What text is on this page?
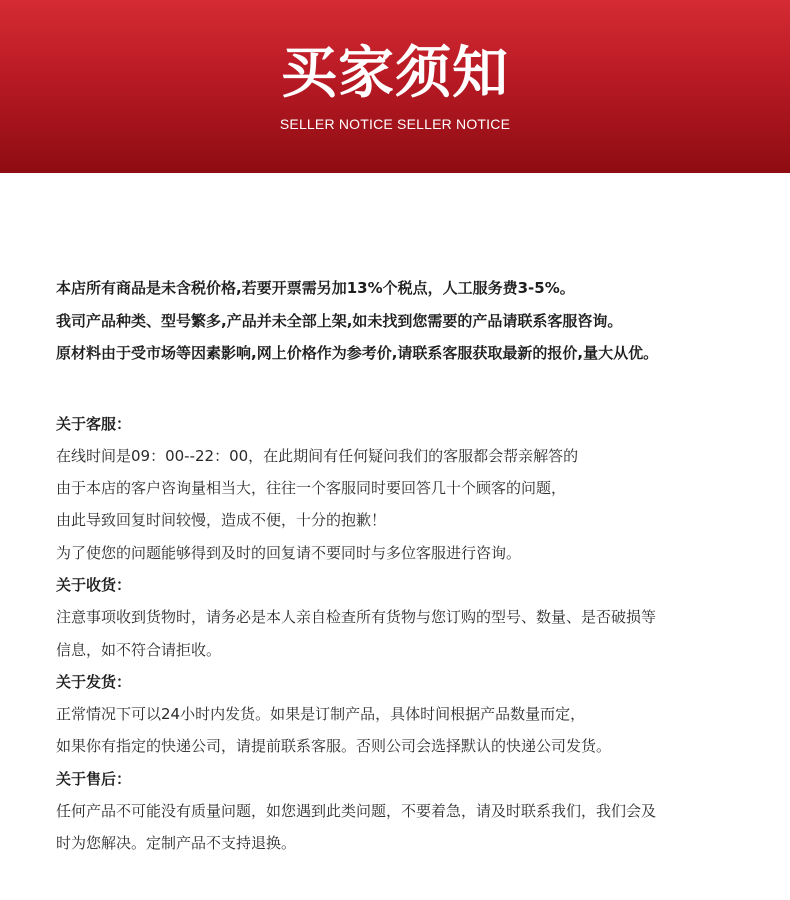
买家须知
SELLER NOTICE SELLER NOTICE
本店所有商品是未含税价格,若要开票需另加13%个税点，人工服务费3-5%。
我司产品种类、型号繁多,产品并未全部上架,如未找到您需要的产品请联系客服咨询。
原材料由于受市场等因素影响,网上价格作为参考价,请联系客服获取最新的报价,量大从优。
关于客服：
在线时间是09：00--22：00，在此期间有任何疑问我们的客服都会帮亲解答的
由于本店的客户咨询量相当大，往往一个客服同时要回答几十个顾客的问题，
由此导致回复时间较慢，造成不便，十分的抱歉！
为了使您的问题能够得到及时的回复请不要同时与多位客服进行咨询。
关于收货：
注意事项收到货物时，请务必是本人亲自检查所有货物与您订购的型号、数量、是否破损等
信息，如不符合请拒收。
关于发货：
正常情况下可以24小时内发货。如果是订制产品，具体时间根据产品数量而定，
如果你有指定的快递公司，请提前联系客服。否则公司会选择默认的快递公司发货。
关于售后：
任何产品不可能没有质量问题，如您遇到此类问题，不要着急，请及时联系我们，我们会及
时为您解决。定制产品不支持退换。
